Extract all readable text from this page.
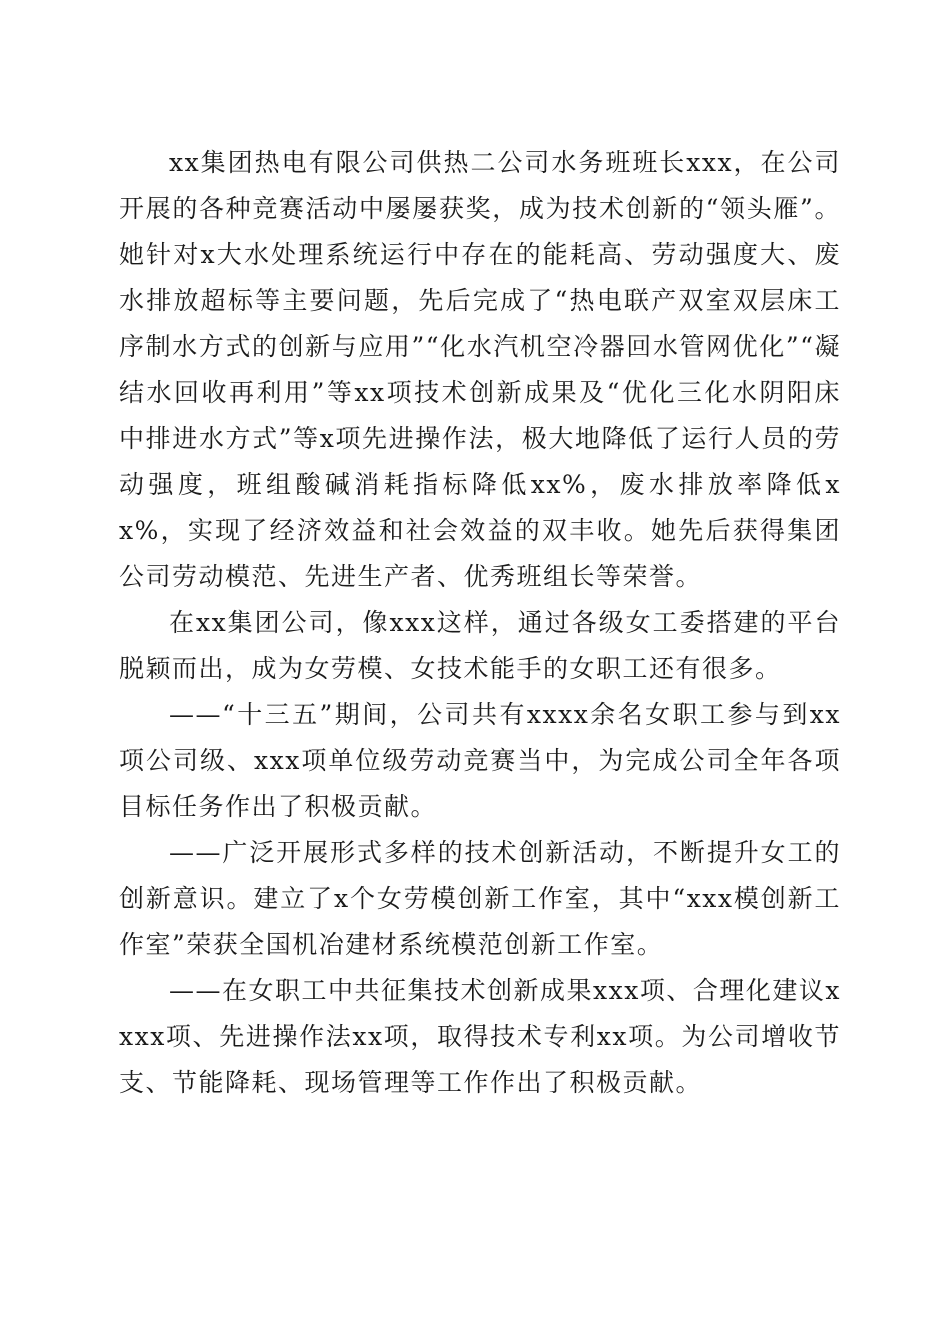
xx集团热电有限公司供热二公司水务班班长xxx，在公司开展的各种竞赛活动中屡屡获奖，成为技术创新的“领头雁”。她针对x大水处理系统运行中存在的能耗高、劳动强度大、废水排放超标等主要问题，先后完成了“热电联产双室双层床工序制水方式的创新与应用”“化水汽机空冷器回水管网优化”“凝结水回收再利用”等xx项技术创新成果及“优化三化水阴阳床中排进水方式”等x项先进操作法，极大地降低了运行人员的劳动强度，班组酸碱消耗指标降低xx%，废水排放率降低xx%，实现了经济效益和社会效益的双丰收。她先后获得集团公司劳动模范、先进生产者、优秀班组长等荣誉。

在xx集团公司，像xxx这样，通过各级女工委搭建的平台脱颖而出，成为女劳模、女技术能手的女职工还有很多。

——“十三五”期间，公司共有xxxx余名女职工参与到xx项公司级、xxx项单位级劳动竞赛当中，为完成公司全年各项目标任务作出了积极贡献。

——广泛开展形式多样的技术创新活动，不断提升女工的创新意识。建立了x个女劳模创新工作室，其中“xxx模创新工作室”荣获全国机冶建材系统模范创新工作室。

——在女职工中共征集技术创新成果xxx项、合理化建议xxxx项、先进操作法xx项，取得技术专利xx项。为公司增收节支、节能降耗、现场管理等工作作出了积极贡献。
